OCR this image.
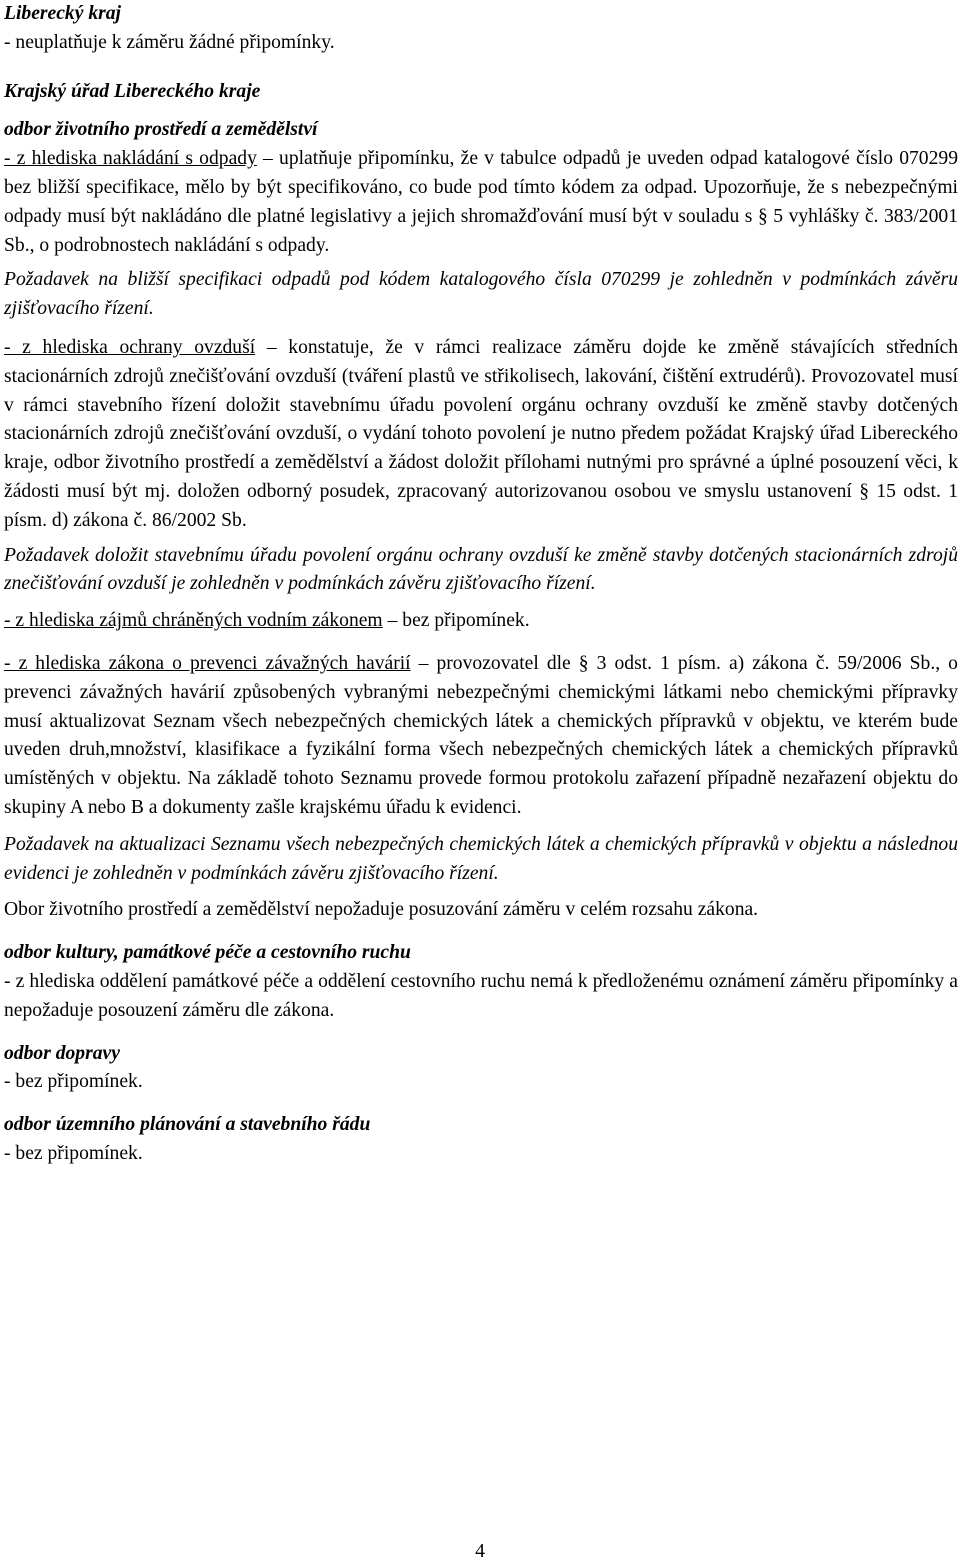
Liberecký kraj

- neuplatňuje k záměru žádné připomínky.

Krajský úřad Libereckého kraje

odbor životního prostředí a zemědělství

- z hlediska nakládání s odpady – uplatňuje připomínku, že v tabulce odpadů je uveden odpad katalogové číslo 070299 bez bližší specifikace, mělo by být specifikováno, co bude pod tímto kódem za odpad. Upozorňuje, že s nebezpečnými odpady musí být nakládáno dle platné legislativy a jejich shromažďování musí být v souladu s § 5 vyhlášky č. 383/2001 Sb., o podrobnostech nakládání s odpady.

Požadavek na bližší specifikaci odpadů pod kódem katalogového čísla 070299 je zohledněn v podmínkách závěru zjišťovacího řízení.

- z hlediska ochrany ovzduší – konstatuje, že v rámci realizace záměru dojde ke změně stávajících středních stacionárních zdrojů znečišťování ovzduší (tváření plastů ve střikolisech, lakování, čištění extrudérů). Provozovatel musí v rámci stavebního řízení doložit stavebnímu úřadu povolení orgánu ochrany ovzduší ke změně stavby dotčených stacionárních zdrojů znečišťování ovzduší, o vydání tohoto povolení je nutno předem požádat Krajský úřad Libereckého kraje, odbor životního prostředí a zemědělství a žádost doložit přílohami nutnými pro správné a úplné posouzení věci, k žádosti musí být mj. doložen odborný posudek, zpracovaný autorizovanou osobou ve smyslu ustanovení § 15 odst. 1 písm. d) zákona č. 86/2002 Sb.

Požadavek doložit stavebnímu úřadu povolení orgánu ochrany ovzduší ke změně stavby dotčených stacionárních zdrojů znečišťování ovzduší je zohledněn v podmínkách závěru zjišťovacího řízení.

- z hlediska zájmů chráněných vodním zákonem – bez připomínek.

- z hlediska zákona o prevenci závažných havárií – provozovatel dle § 3 odst. 1 písm. a) zákona č. 59/2006 Sb., o prevenci závažných havárií způsobených vybranými nebezpečnými chemickými látkami nebo chemickými přípravky musí aktualizovat Seznam všech nebezpečných chemických látek a chemických přípravků v objektu, ve kterém bude uveden druh,množství, klasifikace a fyzikální forma všech nebezpečných chemických látek a chemických přípravků umístěných v objektu. Na základě tohoto Seznamu provede formou protokolu zařazení případně nezařazení objektu do skupiny A nebo B a dokumenty zašle krajskému úřadu k evidenci.

Požadavek na aktualizaci Seznamu všech nebezpečných chemických látek a chemických přípravků v objektu a následnou evidenci je zohledněn v podmínkách závěru zjišťovacího řízení.

Obor životního prostředí a zemědělství nepožaduje posuzování záměru v celém rozsahu zákona.

odbor kultury, památkové péče a cestovního ruchu

- z hlediska oddělení památkové péče a oddělení cestovního ruchu nemá k předloženému oznámení záměru připomínky a nepožaduje posouzení záměru dle zákona.

odbor dopravy

- bez připomínek.

odbor územního plánování a stavebního řádu

- bez připomínek.

4
